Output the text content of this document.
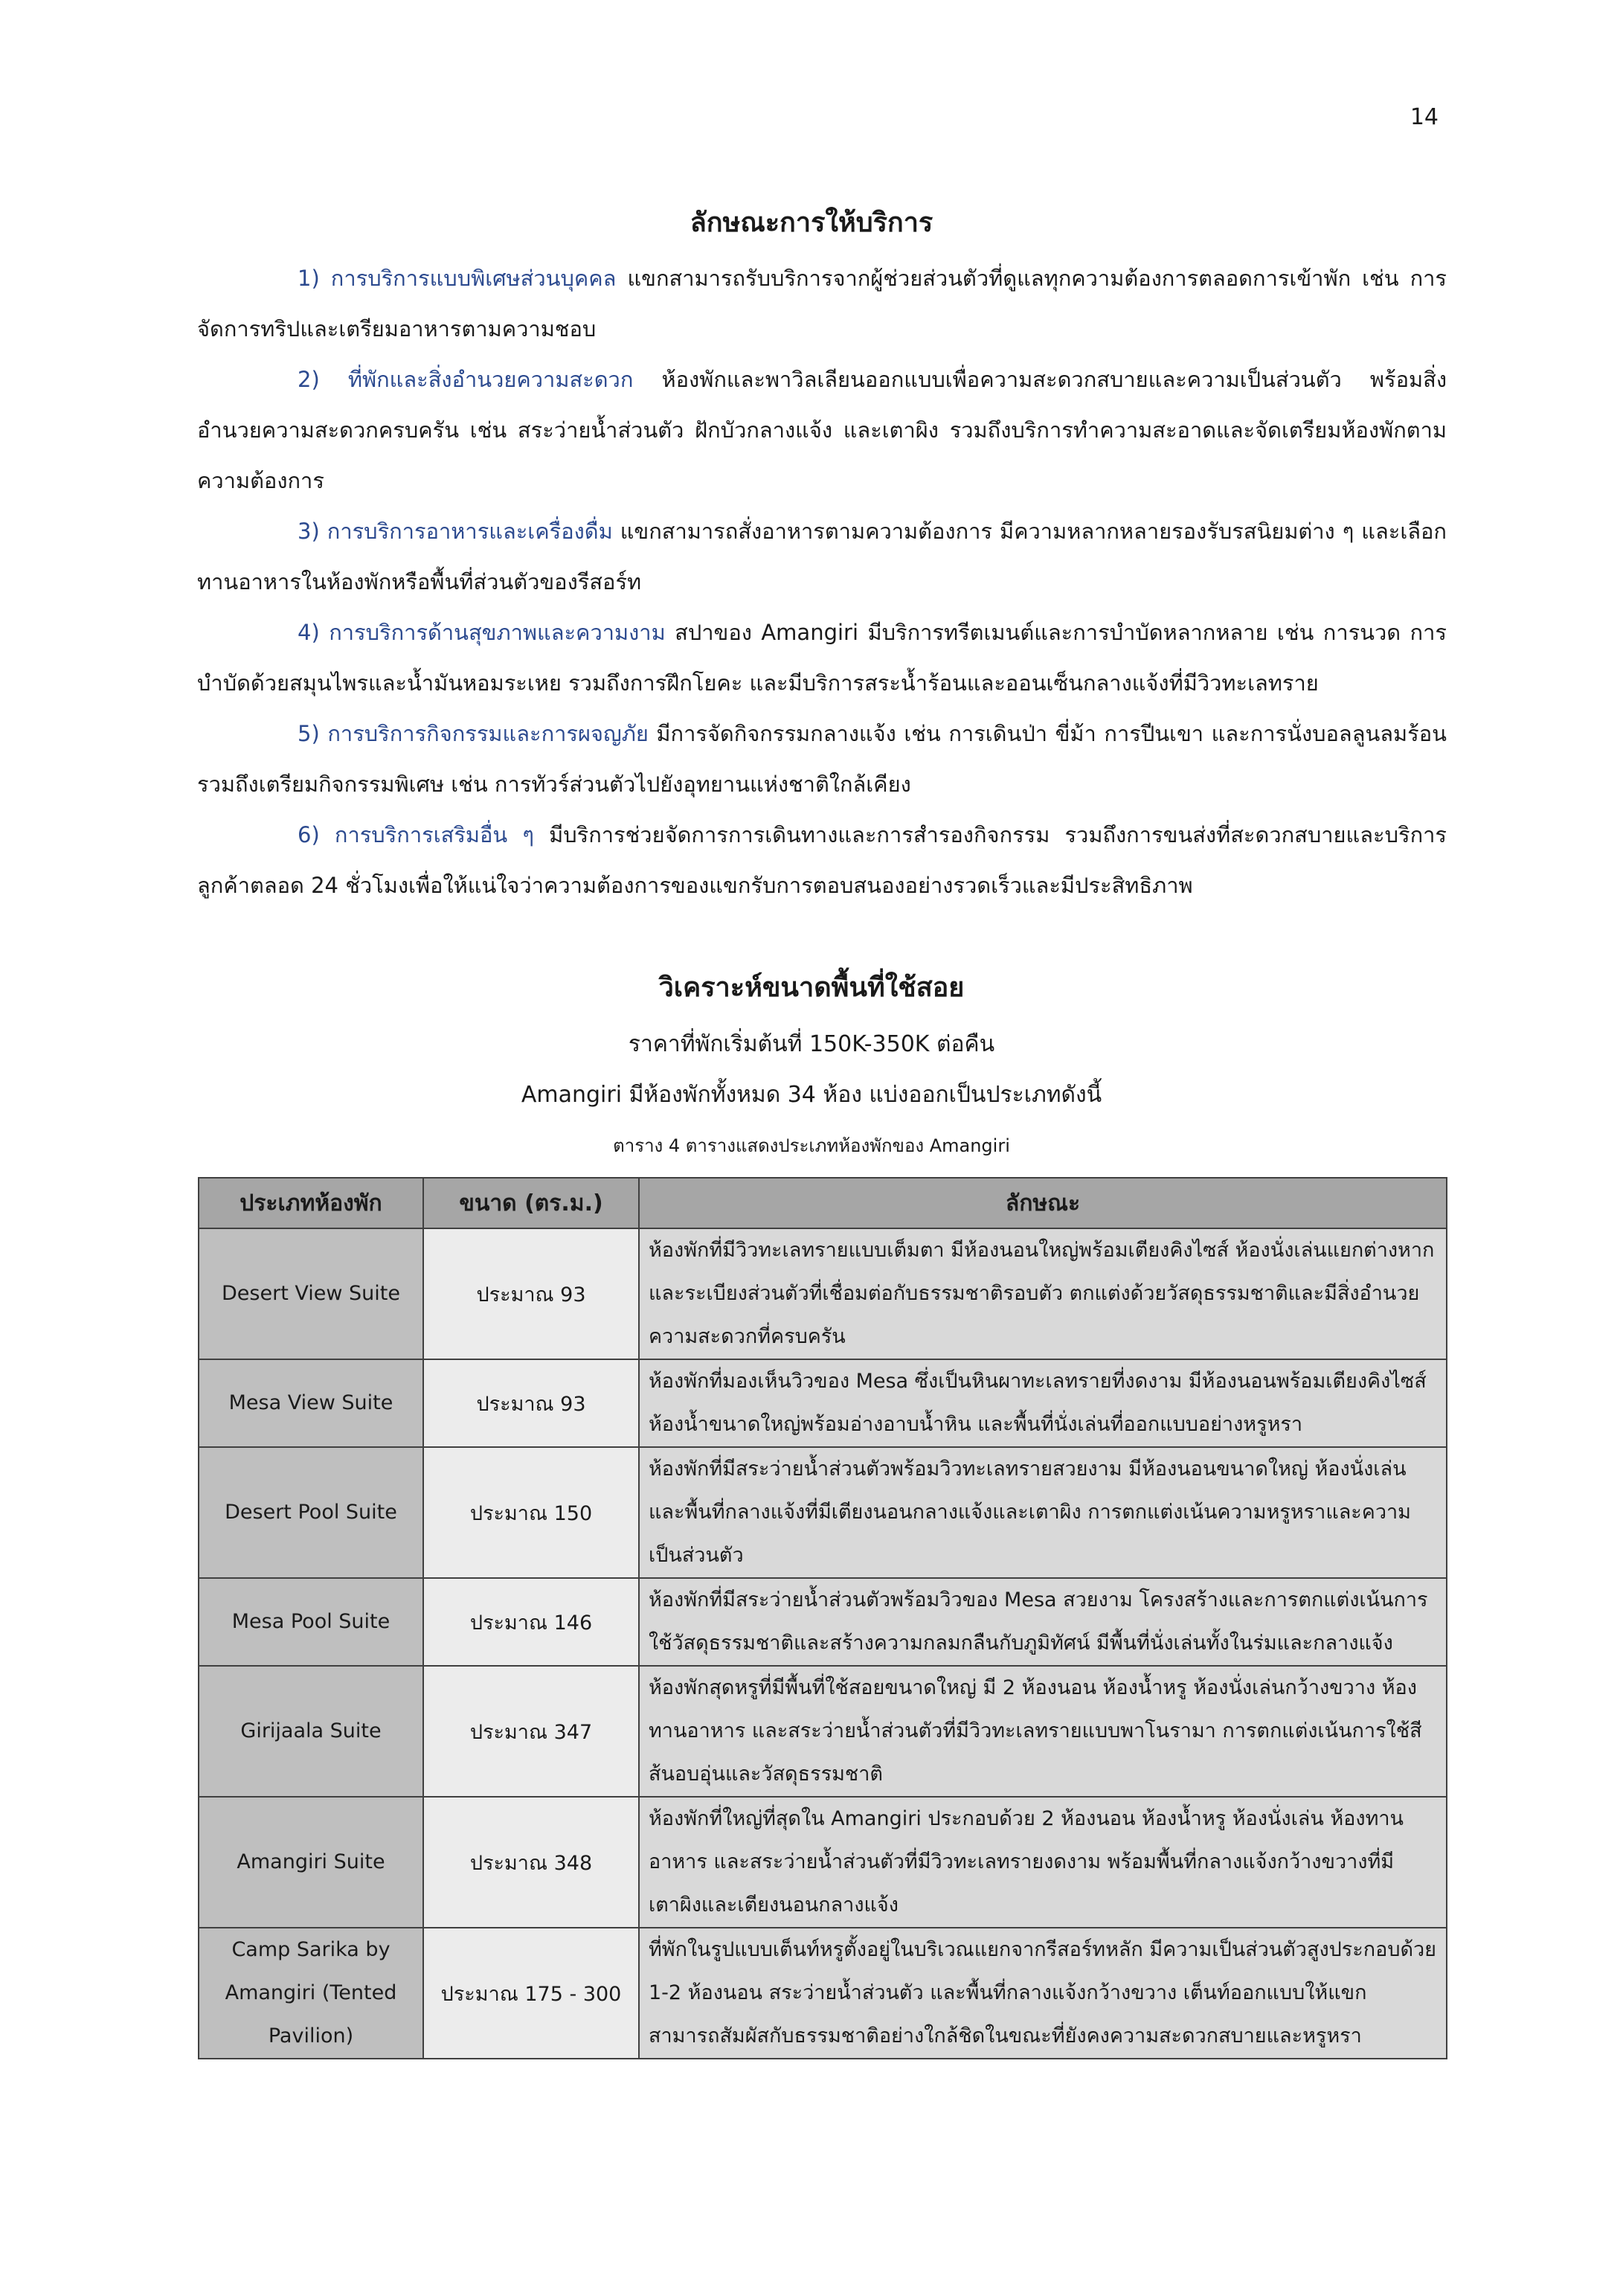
14
ลักษณะการให้บริการ

1) การบริการแบบพิเศษส่วนบุคคล แขกสามารถรับบริการจากผู้ช่วยส่วนตัวที่ดูแลทุกความต้องการตลอดการเข้าพัก เช่น การจัดการทริปและเตรียมอาหารตามความชอบ

2) ที่พักและสิ่งอำนวยความสะดวก ห้องพักและพาวิลเลียนออกแบบเพื่อความสะดวกสบายและความเป็นส่วนตัว พร้อมสิ่งอำนวยความสะดวกครบครัน เช่น สระว่ายน้ำส่วนตัว ฝักบัวกลางแจ้ง และเตาผิง รวมถึงบริการทำความสะอาดและจัดเตรียมห้องพักตามความต้องการ

3) การบริการอาหารและเครื่องดื่ม แขกสามารถสั่งอาหารตามความต้องการ มีความหลากหลายรองรับรสนิยมต่าง ๆ และเลือกทานอาหารในห้องพักหรือพื้นที่ส่วนตัวของรีสอร์ท

4) การบริการด้านสุขภาพและความงาม สปาของ Amangiri มีบริการทรีตเมนต์และการบำบัดหลากหลาย เช่น การนวด การบำบัดด้วยสมุนไพรและน้ำมันหอมระเหย รวมถึงการฝึกโยคะ และมีบริการสระน้ำร้อนและออนเซ็นกลางแจ้งที่มีวิวทะเลทราย

5) การบริการกิจกรรมและการผจญภัย มีการจัดกิจกรรมกลางแจ้ง เช่น การเดินป่า ขี่ม้า การปีนเขา และการนั่งบอลลูนลมร้อน รวมถึงเตรียมกิจกรรมพิเศษ เช่น การทัวร์ส่วนตัวไปยังอุทยานแห่งชาติใกล้เคียง

6) การบริการเสริมอื่น ๆ มีบริการช่วยจัดการการเดินทางและการสำรองกิจกรรม รวมถึงการขนส่งที่สะดวกสบายและบริการลูกค้าตลอด 24 ชั่วโมงเพื่อให้แน่ใจว่าความต้องการของแขกรับการตอบสนองอย่างรวดเร็วและมีประสิทธิภาพ

วิเคราะห์ขนาดพื้นที่ใช้สอย
ราคาที่พักเริ่มต้นที่ 150K-350K ต่อคืน
Amangiri มีห้องพักทั้งหมด 34 ห้อง แบ่งออกเป็นประเภทดังนี้
ตาราง 4 ตารางแสดงประเภทห้องพักของ Amangiri
ประเภทห้องพัก	ขนาด (ตร.ม.)	ลักษณะ
Desert View Suite	ประมาณ 93	ห้องพักที่มีวิวทะเลทรายแบบเต็มตา มีห้องนอนใหญ่พร้อมเตียงคิงไซส์ ห้องนั่งเล่นแยกต่างหาก และระเบียงส่วนตัวที่เชื่อมต่อกับธรรมชาติรอบตัว ตกแต่งด้วยวัสดุธรรมชาติและมีสิ่งอำนวยความสะดวกที่ครบครัน
Mesa View Suite	ประมาณ 93	ห้องพักที่มองเห็นวิวของ Mesa ซึ่งเป็นหินผาทะเลทรายที่งดงาม มีห้องนอนพร้อมเตียงคิงไซส์ ห้องน้ำขนาดใหญ่พร้อมอ่างอาบน้ำหิน และพื้นที่นั่งเล่นที่ออกแบบอย่างหรูหรา
Desert Pool Suite	ประมาณ 150	ห้องพักที่มีสระว่ายน้ำส่วนตัวพร้อมวิวทะเลทรายสวยงาม มีห้องนอนขนาดใหญ่ ห้องนั่งเล่นและพื้นที่กลางแจ้งที่มีเตียงนอนกลางแจ้งและเตาผิง การตกแต่งเน้นความหรูหราและความเป็นส่วนตัว
Mesa Pool Suite	ประมาณ 146	ห้องพักที่มีสระว่ายน้ำส่วนตัวพร้อมวิวของ Mesa สวยงาม โครงสร้างและการตกแต่งเน้นการใช้วัสดุธรรมชาติและสร้างความกลมกลืนกับภูมิทัศน์ มีพื้นที่นั่งเล่นทั้งในร่มและกลางแจ้ง
Girijaala Suite	ประมาณ 347	ห้องพักสุดหรูที่มีพื้นที่ใช้สอยขนาดใหญ่ มี 2 ห้องนอน ห้องน้ำหรู ห้องนั่งเล่นกว้างขวาง ห้องทานอาหาร และสระว่ายน้ำส่วนตัวที่มีวิวทะเลทรายแบบพาโนรามา การตกแต่งเน้นการใช้สีส้นอบอุ่นและวัสดุธรรมชาติ
Amangiri Suite	ประมาณ 348	ห้องพักที่ใหญ่ที่สุดใน Amangiri ประกอบด้วย 2 ห้องนอน ห้องน้ำหรู ห้องนั่งเล่น ห้องทานอาหาร และสระว่ายน้ำส่วนตัวที่มีวิวทะเลทรายงดงาม พร้อมพื้นที่กลางแจ้งกว้างขวางที่มีเตาผิงและเตียงนอนกลางแจ้ง
Camp Sarika by Amangiri (Tented Pavilion)	ประมาณ 175 - 300	ที่พักในรูปแบบเต็นท์หรูตั้งอยู่ในบริเวณแยกจากรีสอร์ทหลัก มีความเป็นส่วนตัวสูงประกอบด้วย 1-2 ห้องนอน สระว่ายน้ำส่วนตัว และพื้นที่กลางแจ้งกว้างขวาง เต็นท์ออกแบบให้แขกสามารถสัมผัสกับธรรมชาติอย่างใกล้ชิดในขณะที่ยังคงความสะดวกสบายและหรูหรา
